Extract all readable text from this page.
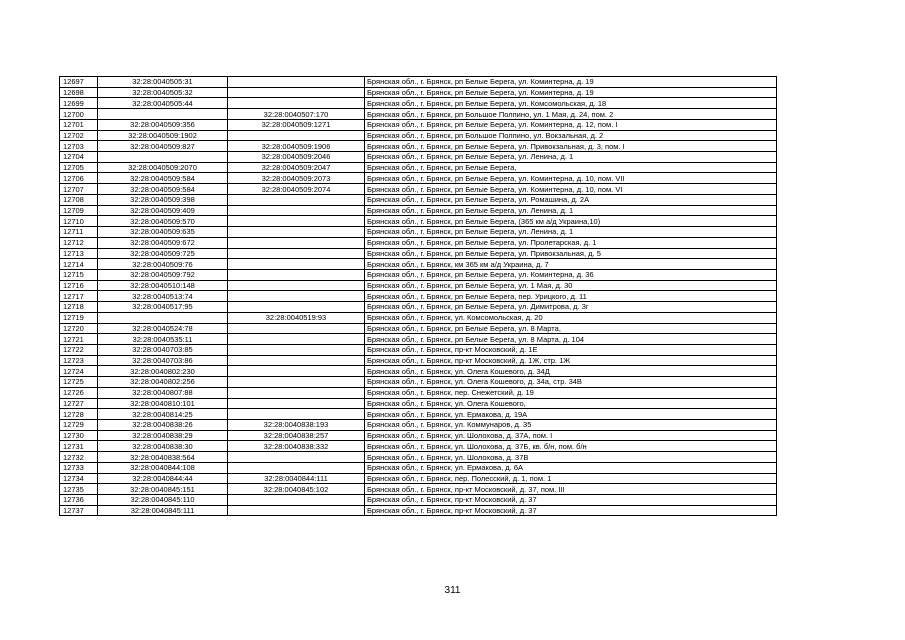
12697	32:28:0040505:31		Брянская обл., г. Брянск, рп Белые Берега, ул. Коминтерна, д. 19
12698	32:28:0040505:32		Брянская обл., г. Брянск, рп Белые Берега, ул. Коминтерна, д. 19
12699	32:28:0040505:44		Брянская обл., г. Брянск, рп Белые Берега, ул. Комсомольская, д. 18
12700		32:28:0040507:170	Брянская обл., г. Брянск, рп Большое Полпино, ул. 1 Мая, д. 24, пом. 2
12701	32:28:0040509:356	32:28:0040509:1271	Брянская обл., г. Брянск, рп Белые Берега, ул. Коминтерна, д. 12, пом. I
12702	32:28:0040509:1902		Брянская обл., г. Брянск, рп Большое Полпино, ул. Вокзальная, д. 2
12703	32:28:0040509:827	32:28:0040509:1906	Брянская обл., г. Брянск, рп Белые Берега, ул. Привокзальная, д. 3, пом. I
12704		32:28:0040509:2046	Брянская обл., г. Брянск, рп Белые Берега, ул. Ленина, д. 1
12705	32:28:0040509:2070	32:28:0040509:2047	Брянская обл., г. Брянск, рп Белые Берега,
12706	32:28:0040509:584	32:28:0040509:2073	Брянская обл., г. Брянск, рп Белые Берега, ул. Коминтерна, д. 10, пом. VII
12707	32:28:0040509:584	32:28:0040509:2074	Брянская обл., г. Брянск, рп Белые Берега, ул. Коминтерна, д. 10, пом. VI
12708	32:28:0040509:398		Брянская обл., г. Брянск, рп Белые Берега, ул. Ромашина, д. 2А
12709	32:28:0040509:409		Брянская обл., г. Брянск, рп Белые Берега, ул. Ленина, д. 1
12710	32:28:0040509:570		Брянская обл., г. Брянск, рп Белые Берега, (365 км а/д Украина,10)
12711	32:28:0040509:635		Брянская обл., г. Брянск, рп Белые Берега, ул. Ленина, д. 1
12712	32:28:0040509:672		Брянская обл., г. Брянск, рп Белые Берега, ул. Пролетарская, д. 1
12713	32:28:0040509:725		Брянская обл., г. Брянск, рп Белые Берега, ул. Привокзальная, д. 5
12714	32:28:0040509:76		Брянская обл., г. Брянск, км 365 км а/д Украина, д. 7
12715	32:28:0040509:792		Брянская обл., г. Брянск, рп Белые Берега, ул. Коминтерна, д. 36
12716	32:28:0040510:148		Брянская обл., г. Брянск, рп Белые Берега, ул. 1 Мая, д. 30
12717	32:28:0040513:74		Брянская обл., г. Брянск, рп Белые Берега, пер. Урицкого, д. 11
12718	32:28:0040517:95		Брянская обл., г. Брянск, рп Белые Берега, ул. Димитрова, д. 3г
12719		32:28:0040519:93	Брянская обл., г. Брянск, ул. Комсомольская, д. 20
12720	32:28:0040524:78		Брянская обл., г. Брянск, рп Белые Берега, ул. 8 Марта,
12721	32:28:0040535:11		Брянская обл., г. Брянск, рп Белые Берега, ул. 8 Марта, д. 104
12722	32:28:0040703:85		Брянская обл., г. Брянск, пр-кт Московский, д. 1Е
12723	32:28:0040703:86		Брянская обл., г. Брянск, пр-кт Московский, д. 1Ж, стр. 1Ж
12724	32:28:0040802:230		Брянская обл., г. Брянск, ул. Олега Кошевого, д. 34Д
12725	32:28:0040802:256		Брянская обл., г. Брянск, ул. Олега Кошевого, д. 34а, стр. 34В
12726	32:28:0040807:88		Брянская обл., г. Брянск, пер. Снежетский, д. 19
12727	32:28:0040810:101		Брянская обл., г. Брянск, ул. Олега Кошевого,
12728	32:28:0040814:25		Брянская обл., г. Брянск, ул. Ермакова, д. 19А
12729	32:28:0040838:26	32:28:0040838:193	Брянская обл., г. Брянск, ул. Коммунаров, д. 35
12730	32:28:0040838:29	32:28:0040838:257	Брянская обл., г. Брянск, ул. Шолохова, д. 37А, пом. I
12731	32:28:0040838:30	32:28:0040838:332	Брянская обл., г. Брянск, ул. Шолохова, д. 37Б, кв. б/н, пом. б/н
12732	32:28:0040838:564		Брянская обл., г. Брянск, ул. Шолохова, д. 37В
12733	32:28:0040844:108		Брянская обл., г. Брянск, ул. Ермакова, д. 6А
12734	32:28:0040844:44	32:28:0040844:111	Брянская обл., г. Брянск, пер. Полесский, д. 1, пом. 1
12735	32:28:0040845:151	32:28:0040845:102	Брянская обл., г. Брянск, пр-кт Московский, д. 37, пом. III
12736	32:28:0040845:110		Брянская обл., г. Брянск, пр-кт Московский, д. 37
12737	32:28:0040845:111		Брянская обл., г. Брянск, пр-кт Московский, д. 37
311
